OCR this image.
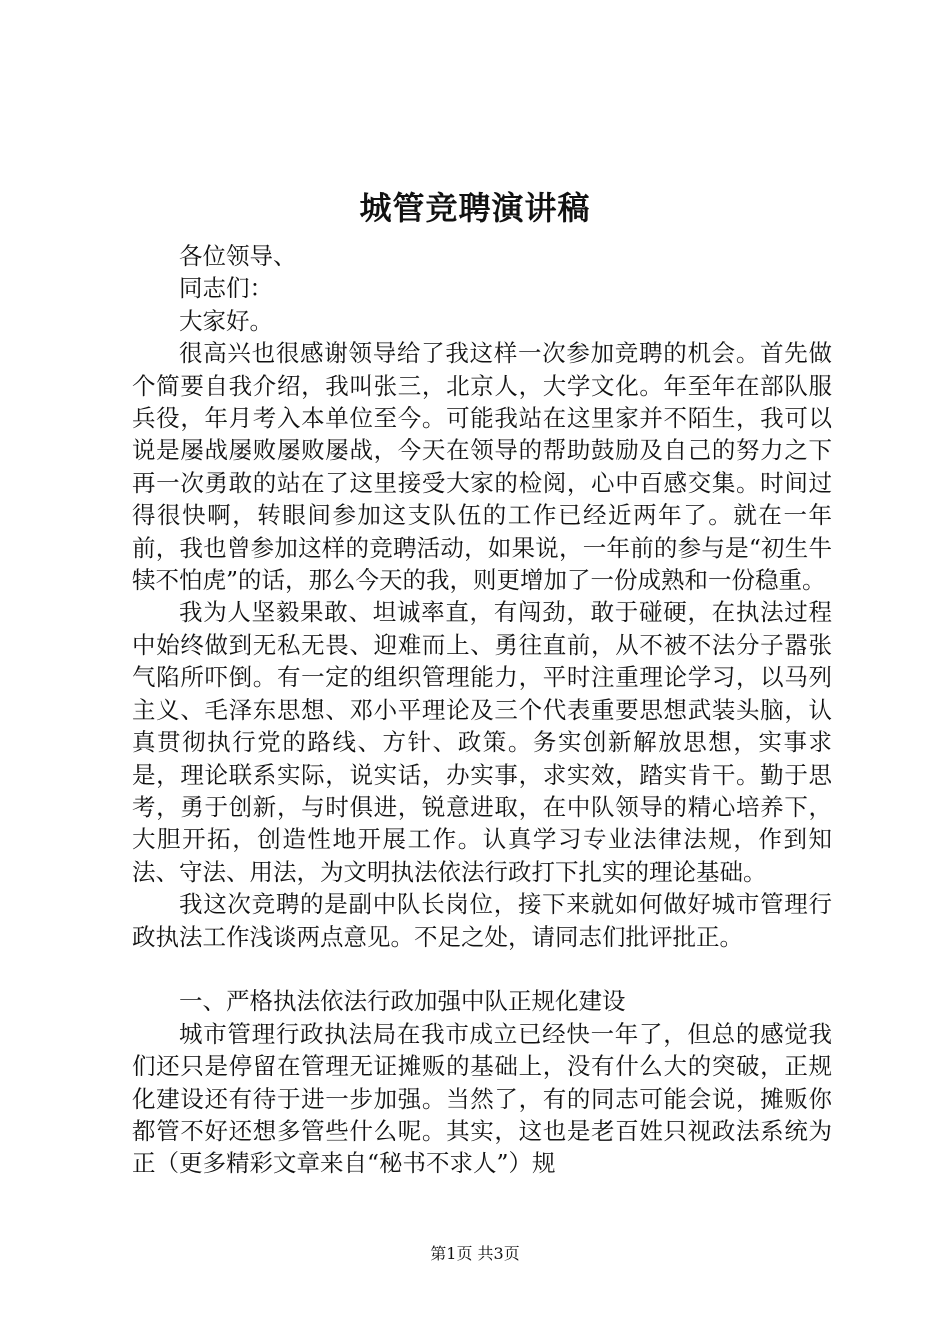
城管竞聘演讲稿
各位领导、
同志们：
大家好。

很高兴也很感谢领导给了我这样一次参加竞聘的机会。首先做个简要自我介绍，我叫张三，北京人，大学文化。年至年在部队服兵役，年月考入本单位至今。可能我站在这里家并不陌生，我可以说是屡战屡败屡败屡战，今天在领导的帮助鼓励及自己的努力之下再一次勇敢的站在了这里接受大家的检阅，心中百感交集。时间过得很快啊，转眼间参加这支队伍的工作已经近两年了。就在一年前，我也曾参加这样的竞聘活动，如果说，一年前的参与是“初生牛犊不怕虎”的话，那么今天的我，则更增加了一份成熟和一份稳重。

我为人坚毅果敢、坦诚率直，有闯劲，敢于碰硬，在执法过程中始终做到无私无畏、迎难而上、勇往直前，从不被不法分子嚣张气陷所吓倒。有一定的组织管理能力，平时注重理论学习，以马列主义、毛泽东思想、邓小平理论及三个代表重要思想武装头脑，认真贯彻执行党的路线、方针、政策。务实创新解放思想，实事求是，理论联系实际，说实话，办实事，求实效，踏实肯干。勤于思考，勇于创新，与时俱进，锐意进取，在中队领导的精心培养下，大胆开拓，创造性地开展工作。认真学习专业法律法规，作到知法、守法、用法，为文明执法依法行政打下扎实的理论基础。

我这次竞聘的是副中队长岗位，接下来就如何做好城市管理行政执法工作浅谈两点意见。不足之处，请同志们批评批正。

一、严格执法依法行政加强中队正规化建设

城市管理行政执法局在我市成立已经快一年了，但总的感觉我们还只是停留在管理无证摊贩的基础上，没有什么大的突破，正规化建设还有待于进一步加强。当然了，有的同志可能会说，摊贩你都管不好还想多管些什么呢。其实，这也是老百姓只视政法系统为正（更多精彩文章来自“秘书不求人”）规

第1页 共3页
